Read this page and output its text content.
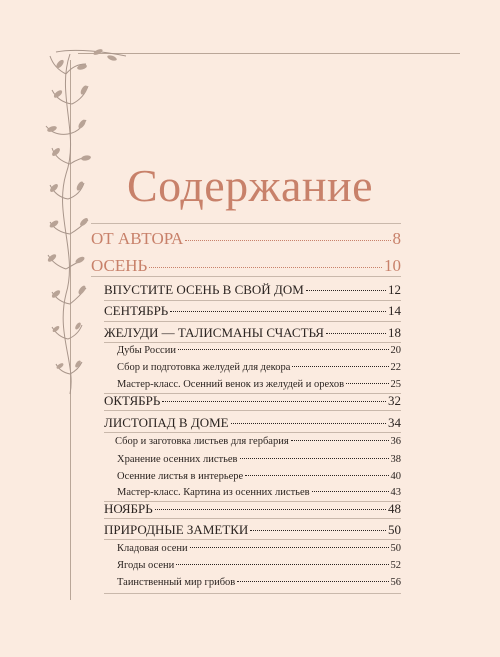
Содержание
ОТ АВТОРА	8
ОСЕНЬ	10
ВПУСТИТЕ ОСЕНЬ В СВОЙ ДОМ	12
СЕНТЯБРЬ	14
ЖЕЛУДИ — ТАЛИСМАНЫ СЧАСТЬЯ	18
Дубы России	20
Сбор и подготовка желудей для декора	22
Мастер-класс. Осенний венок из желудей и орехов	25
ОКТЯБРЬ	32
ЛИСТОПАД В ДОМЕ	34
Сбор и заготовка листьев для гербария	36
Хранение осенних листьев	38
Осенние листья в интерьере	40
Мастер-класс. Картина из осенних листьев	43
НОЯБРЬ	48
ПРИРОДНЫЕ ЗАМЕТКИ	50
Кладовая осени	50
Ягоды осени	52
Таинственный мир грибов	56
